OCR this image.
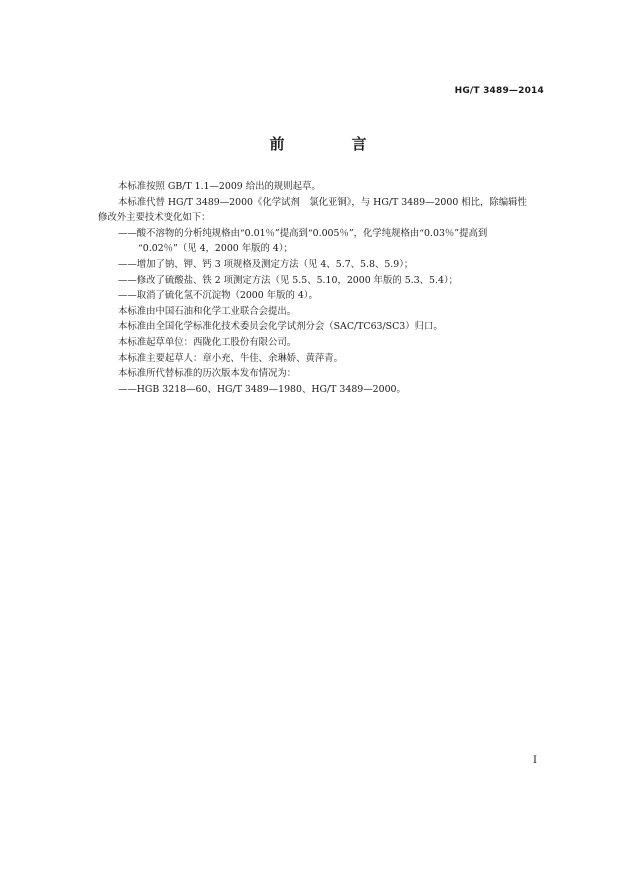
HG/T 3489—2014
前　言
本标准按照 GB/T 1.1—2009 给出的规则起草。
本标准代替 HG/T 3489—2000《化学试剂　氯化亚铜》，与 HG/T 3489—2000 相比，除编辑性
修改外主要技术变化如下：
——酸不溶物的分析纯规格由“0.01％”提高到“0.005％”，化学纯规格由“0.03％”提高到
“0.02％”（见 4，2000 年版的 4）；
——增加了钠、钾、钙 3 项规格及测定方法（见 4、5.7、5.8、5.9）；
——修改了硫酸盐、铁 2 项测定方法（见 5.5、5.10，2000 年版的 5.3、5.4）；
——取消了硫化氢不沉淀物（2000 年版的 4）。
本标准由中国石油和化学工业联合会提出。
本标准由全国化学标准化技术委员会化学试剂分会（SAC/TC63/SC3）归口。
本标准起草单位：西陇化工股份有限公司。
本标准主要起草人：章小充、牛佳、余琳娇、黄萍青。
本标准所代替标准的历次版本发布情况为：
——HGB 3218—60、HG/T 3489—1980、HG/T 3489—2000。
I
